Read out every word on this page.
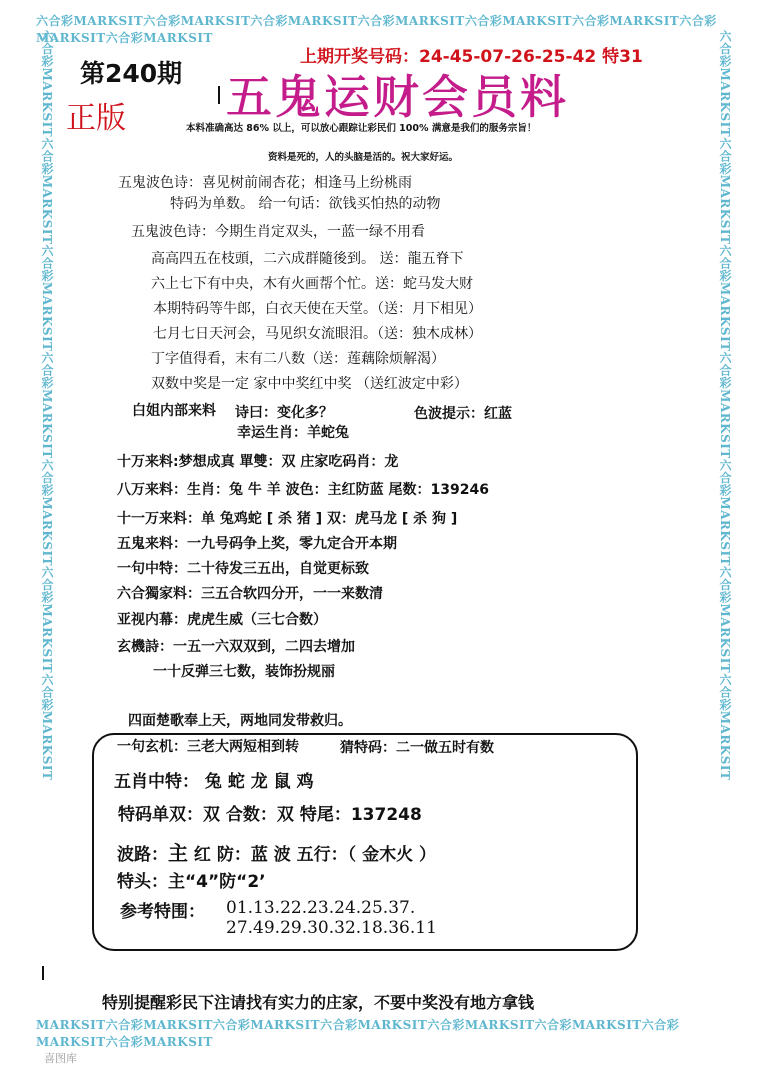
六合彩MARKSIT六合彩MARKSIT六合彩MARKSIT六合彩MARKSIT六合彩MARKSIT六合彩MARKSIT六合彩MARKSIT六合彩MARKSIT
MARKSIT六合彩MARKSIT六合彩MARKSIT六合彩MARKSIT六合彩MARKSIT六合彩MARKSIT六合彩MARKSIT六合彩MARKSIT
六合彩MARKSIT六合彩MARKSIT六合彩MARKSIT六合彩MARKSIT六合彩MARKSIT六合彩MARKSIT六合彩MARKSIT	六合彩MARKSIT六合彩MARKSIT六合彩MARKSIT六合彩MARKSIT六合彩MARKSIT六合彩MARKSIT六合彩MARKSIT
喜图库
第240期
正版
上期开奖号码：24-45-07-26-25-42 特31
五鬼运财会员料
本料准确高达 86% 以上，可以放心跟踪让彩民们 100% 满意是我们的服务宗旨！
资料是死的，人的头脑是活的。祝大家好运。
五鬼波色诗：喜见树前闹杏花；相逢马上纷桃雨
特码为单数。 给一句话：欲钱买怕热的动物
五鬼波色诗：今期生肖定双头，一蓝一绿不用看
高高四五在枝頭，二六成群隨後到。 送：龍五脊下
六上七下有中央，木有火画帮个忙。送：蛇马发大财
本期特码等牛郎，白衣天使在天堂。（送：月下相见）
七月七日天河会，马见织女流眼泪。（送：独木成林）
丁字值得看，末有二八数（送：莲藕除烦解渴）
双数中奖是一定 家中中奖红中奖 （送红波定中彩）
白姐内部来料 诗曰：变化多？	色波提示：红蓝
幸运生肖：羊蛇兔
十万来料:梦想成真 單雙：双 庄家吃码肖：龙
八万来料：生肖：兔 牛 羊 波色：主红防蓝 尾数：139246
十一万来料：单 兔鸡蛇 [ 杀 猪 ] 双：虎马龙 [ 杀 狗 ]
五鬼来料：一九号码争上奖，零九定合开本期
一句中特：二十待发三五出，自觉更标致
六合獨家料：三五合软四分开，一一来数清
亚视内幕：虎虎生威（三七合数）
玄機詩：一五一六双双到，二四去增加
一十反弹三七数，装饰扮规丽
四面楚歌奉上天，两地同发带救归。
一句玄机：三老大两短相到转	猜特码：二一做五时有数
五肖中特： 兔 蛇 龙 鼠 鸡
特码单双：双 合数：双 特尾：137248
波路：主 红 防：蓝 波 五行：（ 金木火 ）
特头：主“4”防“2’
参考特围： 01.13.22.23.24.25.37.
27.49.29.30.32.18.36.11
特别提醒彩民下注请找有实力的庄家，不要中奖没有地方拿钱
